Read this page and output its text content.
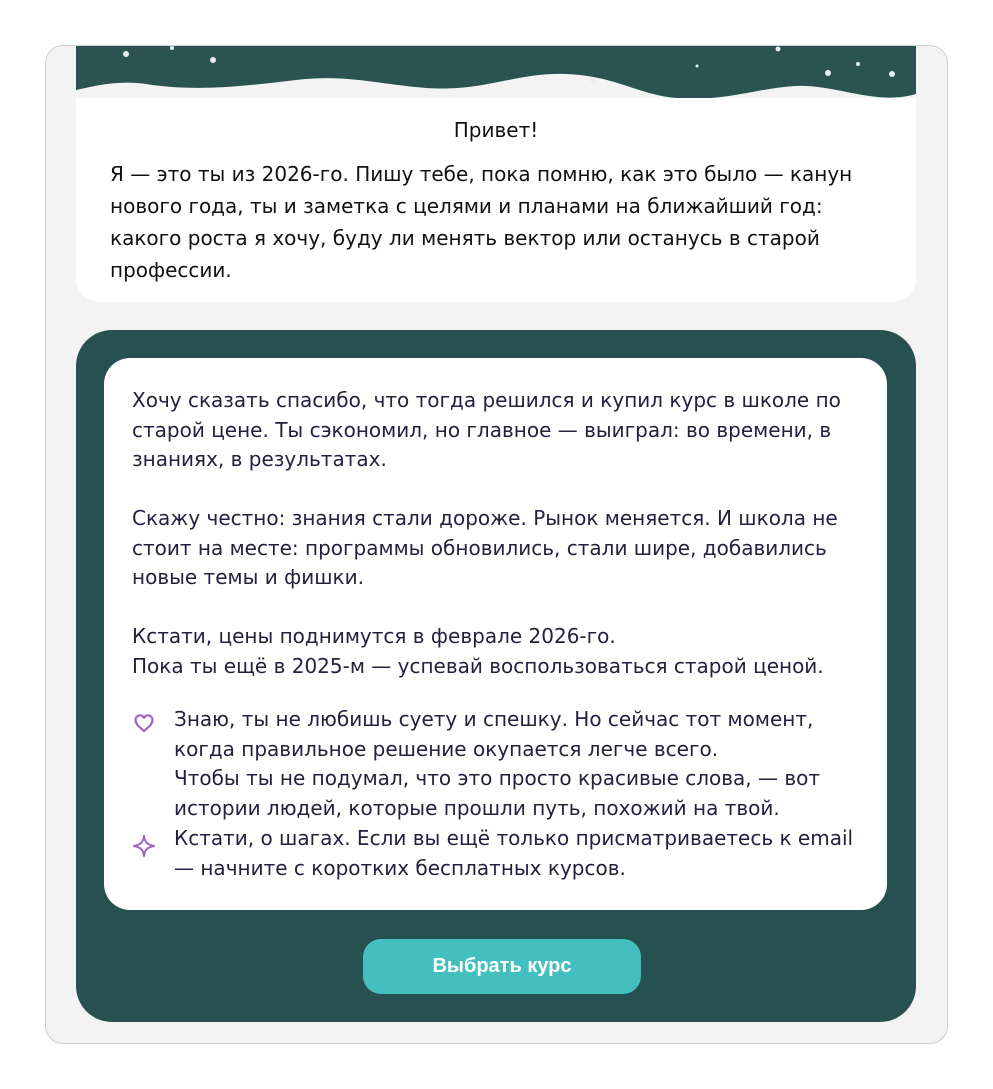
Привет!

Я — это ты из 2026-го. Пишу тебе, пока помню, как это было — канун нового года, ты и заметка с целями и планами на ближайший год: какого роста я хочу, буду ли менять вектор или останусь в старой профессии.

Хочу сказать спасибо, что тогда решился и купил курс в школе по старой цене. Ты сэкономил, но главное — выиграл: во времени, в знаниях, в результатах.

Скажу честно: знания стали дороже. Рынок меняется. И школа не стоит на месте: программы обновились, стали шире, добавились новые темы и фишки.

Кстати, цены поднимутся в феврале 2026-го.
Пока ты ещё в 2025-м — успевай воспользоваться старой ценой.

Знаю, ты не любишь суету и спешку. Но сейчас тот момент, когда правильное решение окупается легче всего.
Чтобы ты не подумал, что это просто красивые слова, — вот истории людей, которые прошли путь, похожий на твой.

Кстати, о шагах. Если вы ещё только присматриваетесь к email — начните с коротких бесплатных курсов.

Выбрать курс
